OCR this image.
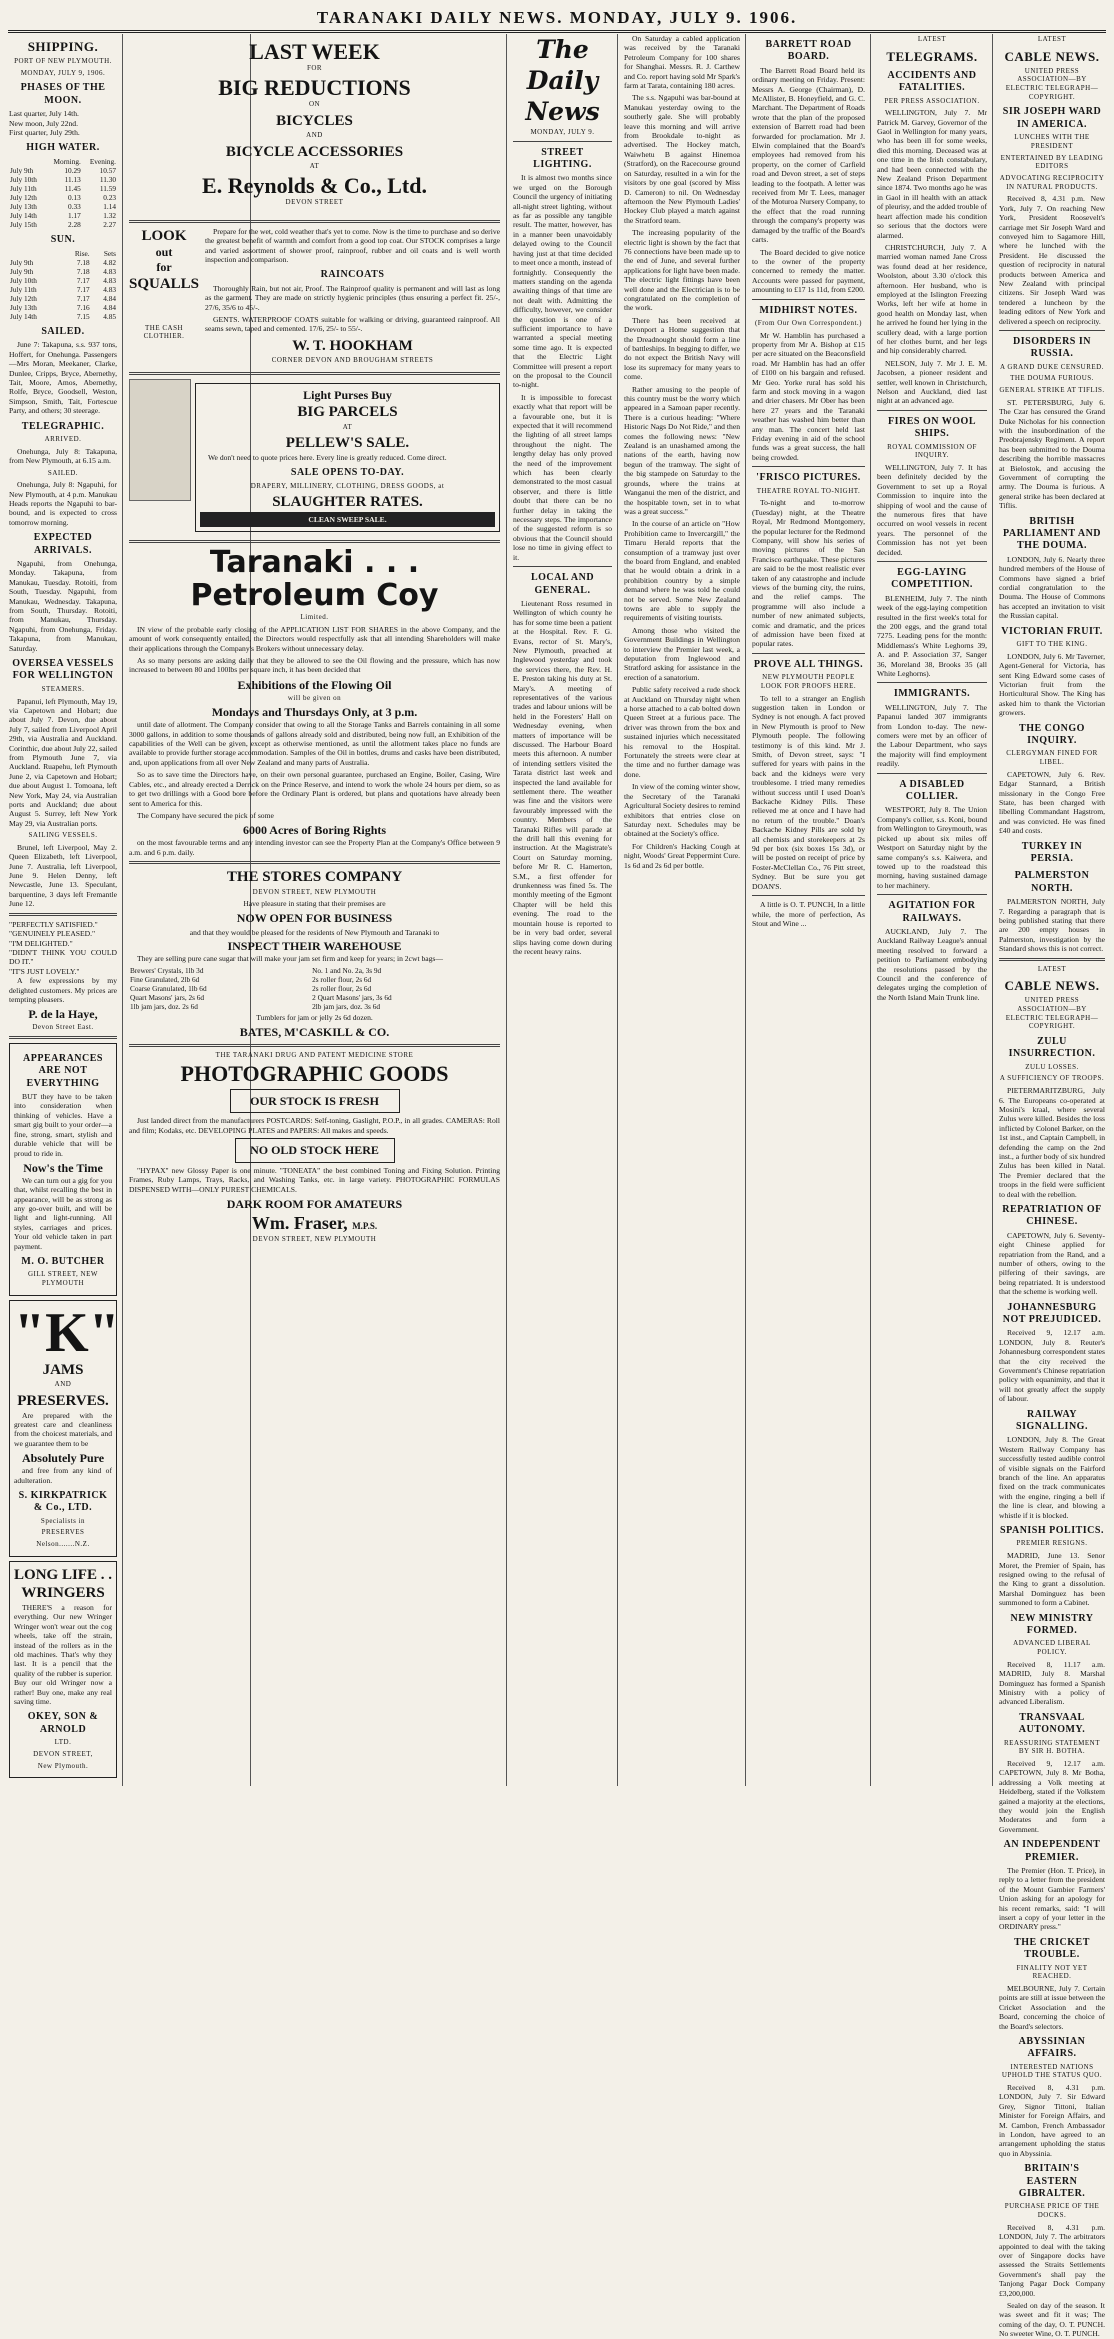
TARANAKI DAILY NEWS. MONDAY, JULY 9. 1906.
SHIPPING.
PORT OF NEW PLYMOUTH.
MONDAY, JULY 9, 1906.
PHASES OF THE MOON.
Last quarter, July 14th.
New moon, July 22nd.
First quarter, July 29th.
HIGH WATER.
	Morning.	Evening.
July 9th	10.29	10.57
July 10th	11.13	11.30
July 11th	11.45	11.59
July 12th	0.13	0.23
July 13th	0.33	1.14
July 14th	1.17	1.32
July 15th	2.28	2.27
SUN.
	Rise.	Sets
July 9th	7.18	4.82
July 9th	7.18	4.83
July 10th	7.17	4.83
July 11th	7.17	4.83
July 12th	7.17	4.84
July 13th	7.16	4.84
July 14th	7.15	4.85
SAILED.

June 7: Takapuna, s.s. 937 tons, Hoffert, for Onehunga. Passengers—Mrs Moran, Meekaner, Clarke, Dunlee, Cripps, Bryce, Abernethy, Tait, Moore, Amos, Abernethy, Rolfe, Bryce, Goodsell, Weston, Simpson, Smith, Tait, Fortescue Party, and others; 30 steerage.

TELEGRAPHIC.
ARRIVED.

Onehunga, July 8: Takapuna, from New Plymouth, at 6.15 a.m.

SAILED.

Onehunga, July 8: Ngapuhi, for New Plymouth, at 4 p.m. Manukau Heads reports the Ngapuhi to bar-bound, and is expected to cross tomorrow morning.

EXPECTED ARRIVALS.

Ngapuhi, from Onehunga, Monday. Takapuna, from Manukau, Tuesday. Rotoiti, from South, Tuesday. Ngapuhi, from Manukau, Wednesday. Takapuna, from South, Thursday. Rotoiti, from Manukau, Thursday. Ngapuhi, from Onehunga, Friday. Takapuna, from Manukau, Saturday.

OVERSEA VESSELS FOR WELLINGTON
STEAMERS.

Papanui, left Plymouth, May 19, via Capetown and Hobart; due about July 7. Devon, due about July 7, sailed from Liverpool April 29th, via Australia and Auckland. Corinthic, due about July 22, sailed from Plymouth June 7, via Auckland. Ruapehu, left Plymouth June 2, via Capetown and Hobart; due about August 1. Tomoana, left New York, May 24, via Australian ports and Auckland; due about August 5. Surrey, left New York May 29, via Australian ports.

SAILING VESSELS.

Brunel, left Liverpool, May 2. Queen Elizabeth, left Liverpool, June 7. Australia, left Liverpool, June 9. Helen Denny, left Newcastle, June 13. Speculant, barquentine, 3 days left Fremantle June 12.

"PERFECTLY SATISFIED."
"GENUINELY PLEASED."
"I'M DELIGHTED."
"DIDN'T THINK YOU COULD DO IT."
"IT'S JUST LOVELY."

A few expressions by my delighted customers. My prices are tempting pleasers.

P. de la Haye,
Devon Street East.
APPEARANCES ARE NOT EVERYTHING

BUT they have to be taken into consideration when thinking of vehicles. Have a smart gig built to your order—a fine, strong, smart, stylish and durable vehicle that will be proud to ride in.

Now's the Time

We can turn out a gig for you that, whilst recalling the best in appearance, will be as strong as any go-over built, and will be light and light-running. All styles, carriages and prices. Your old vehicle taken in part payment.

M. O. BUTCHER
GILL STREET, NEW PLYMOUTH
"K"
JAMS
AND
PRESERVES.

Are prepared with the greatest care and cleanliness from the choicest materials, and we guarantee them to be

Absolutely Pure

and free from any kind of adulteration.

S. KIRKPATRICK & Co., LTD.
Specialists in
PRESERVES
Nelson.......N.Z.
LONG LIFE . . WRINGERS

THERE'S a reason for everything. Our new Wringer Wringer won't wear out the cog wheels, take off the strain, instead of the rollers as in the old machines. That's why they last. It is a pencil that the quality of the rubber is superior. Buy our old Wringer now a rather! Buy one, make any real saving time.

OKEY, SON & ARNOLD
LTD.
DEVON STREET,
New Plymouth.
LAST WEEK
FOR
BIG REDUCTIONS
ON
BICYCLES
AND
BICYCLE ACCESSORIES
AT
E. Reynolds & Co., Ltd.
DEVON STREET
LOOK
out
for
SQUALLS
THE CASH CLOTHIER.

Prepare for the wet, cold weather that's yet to come. Now is the time to purchase and so derive the greatest benefit of warmth and comfort from a good top coat. Our STOCK comprises a large and varied assortment of shower proof, rainproof, rubber and oil coats and is well worth inspection and comparison.

RAINCOATS

Thoroughly Rain, but not air, Proof. The Rainproof quality is permanent and will last as long as the garment. They are made on strictly hygienic principles (thus ensuring a perfect fit. 25/-, 27/6, 35/6 to 45/-.

GENTS. WATERPROOF COATS suitable for walking or driving, guaranteed rainproof. All seams sewn, taped and cemented. 17/6, 25/- to 55/-.

W. T. HOOKHAM
CORNER DEVON AND BROUGHAM STREETS
Light Purses Buy
BIG PARCELS
AT
PELLEW'S SALE.

We don't need to quote prices here. Every line is greatly reduced. Come direct.

SALE OPENS TO-DAY.
DRAPERY, MILLINERY, CLOTHING, DRESS GOODS, at
SLAUGHTER RATES.
CLEAN SWEEP SALE.
Taranaki . . .
Petroleum Coy
Limited.

IN view of the probable early closing of the APPLICATION LIST FOR SHARES in the above Company, and the amount of work consequently entailed, the Directors would respectfully ask that all intending Shareholders will make their applications through the Company's Brokers without unnecessary delay.

As so many persons are asking daily that they be allowed to see the Oil flowing and the pressure, which has now increased to between 80 and 100lbs per square inch, it has been decided that

Exhibitions of the Flowing Oil
will be given on
Mondays and Thursdays Only, at 3 p.m.

until date of allotment. The Company consider that owing to all the Storage Tanks and Barrels containing in all some 3000 gallons, in addition to some thousands of gallons already sold and distributed, being now full, an Exhibition of the capabilities of the Well can be given, except as otherwise mentioned, as until the allotment takes place no funds are available to provide further storage accommodation. Samples of the Oil in bottles, drums and casks have been distributed, and, upon applications from all over New Zealand and many parts of Australia.

So as to save time the Directors have, on their own personal guarantee, purchased an Engine, Boiler, Casing, Wire Cables, etc., and already erected a Derrick on the Prince Reserve, and intend to work the whole 24 hours per diem, so as to get two drillings with a Good bore before the Ordinary Plant is ordered, but plans and quotations have already been sent to America for this.

The Company have secured the pick of some

6000 Acres of Boring Rights

on the most favourable terms and any intending investor can see the Property Plan at the Company's Office between 9 a.m. and 6 p.m. daily.

THE STORES COMPANY
DEVON STREET, NEW PLYMOUTH
Have pleasure in stating that their premises are
NOW OPEN FOR BUSINESS
and that they would be pleased for the residents of New Plymouth and Taranaki to
INSPECT THEIR WAREHOUSE

They are selling pure cane sugar that will make your jam set firm and keep for years; in 2cwt bags—

Brewers' Crystals, 1lb 3d	No. 1 and No. 2a, 3s 9d
Fine Granulated, 2lb 6d	2s roller flour, 2s 6d
Coarse Granulated, 1lb 6d	2s roller flour, 2s 6d
Quart Masons' jars, 2s 6d	2 Quart Masons' jars, 3s 6d
1lb jam jars, doz. 2s 6d	2lb jam jars, doz. 3s 6d
Tumblers for jam or jelly 2s 6d dozen.
BATES, M'CASKILL & CO.
THE TARANAKI DRUG AND PATENT MEDICINE STORE
PHOTOGRAPHIC GOODS
OUR STOCK IS FRESH

Just landed direct from the manufacturers POSTCARDS: Self-toning, Gaslight, P.O.P., in all grades. CAMERAS: Roll and film; Kodaks, etc. DEVELOPING PLATES and PAPERS: All makes and speeds.

NO OLD STOCK HERE

"HYPAX" new Glossy Paper is one minute. "TONEATA" the best combined Toning and Fixing Solution. Printing Frames, Ruby Lamps, Trays, Racks, and Washing Tanks, etc. in large variety. PHOTOGRAPHIC FORMULAS DISPENSED WITH—ONLY PUREST CHEMICALS.

DARK ROOM FOR AMATEURS
Wm. Fraser, M.P.S.
DEVON STREET, NEW PLYMOUTH
The Daily News
MONDAY, JULY 9.
STREET LIGHTING.

It is almost two months since we urged on the Borough Council the urgency of initiating all-night street lighting, without as far as possible any tangible result. The matter, however, has in a manner been unavoidably delayed owing to the Council having just at that time decided to meet once a month, instead of fortnightly. Consequently the matters standing on the agenda awaiting things of that time are not dealt with. Admitting the difficulty, however, we consider the question is one of a sufficient importance to have warranted a special meeting some time ago. It is expected that the Electric Light Committee will present a report on the proposal to the Council to-night.

It is impossible to forecast exactly what that report will be a favourable one, but it is expected that it will recommend the lighting of all street lamps throughout the night. The lengthy delay has only proved the need of the improvement which has been clearly demonstrated to the most casual observer, and there is little doubt that there can be no further delay in taking the necessary steps. The importance of the suggested reform is so obvious that the Council should lose no time in giving effect to it.

LOCAL AND GENERAL.

Lieutenant Ross resumed in Wellington of which county he has for some time been a patient at the Hospital. Rev. F. G. Evans, rector of St. Mary's, New Plymouth, preached at Inglewood yesterday and took the services there, the Rev. H. E. Preston taking his duty at St. Mary's. A meeting of representatives of the various trades and labour unions will be held in the Foresters' Hall on Wednesday evening, when matters of importance will be discussed. The Harbour Board meets this afternoon. A number of intending settlers visited the Tarata district last week and inspected the land available for settlement there. The weather was fine and the visitors were favourably impressed with the country. Members of the Taranaki Rifles will parade at the drill hall this evening for instruction. At the Magistrate's Court on Saturday morning, before Mr R. C. Hamerton, S.M., a first offender for drunkenness was fined 5s. The monthly meeting of the Egmont Chapter will be held this evening. The road to the mountain house is reported to be in very bad order, several slips having come down during the recent heavy rains.

On Saturday a cabled application was received by the Taranaki Petroleum Company for 100 shares for Shanghai. Messrs. R. J. Carthew and Co. report having sold Mr Spark's farm at Tarata, containing 180 acres.

The s.s. Ngapuhi was bar-bound at Manukau yesterday owing to the southerly gale. She will probably leave this morning and will arrive from Brookdale to-night as advertised. The Hockey match, Waiwhetu B against Hinemoa (Stratford), on the Racecourse ground on Saturday, resulted in a win for the visitors by one goal (scored by Miss D. Cameron) to nil. On Wednesday afternoon the New Plymouth Ladies' Hockey Club played a match against the Stratford team.

The increasing popularity of the electric light is shown by the fact that 76 connections have been made up to the end of June, and several further applications for light have been made. The electric light fittings have been well done and the Electrician is to be congratulated on the completion of the work.

There has been received at Devonport a Home suggestion that the Dreadnought should form a line of battleships. In begging to differ, we do not expect the British Navy will lose its supremacy for many years to come.

Rather amusing to the people of this country must be the worry which appeared in a Samoan paper recently. There is a curious heading: "Where Historic Nags Do Not Ride," and then comes the following news: "New Zealand is an unashamed among the nations of the earth, having now begun of the tramway. The sight of the big stampede on Saturday to the grounds, where the trains at Wanganui the men of the district, and the hospitable town, set in to what was a great success."

In the course of an article on "How Prohibition came to Invercargill," the Timaru Herald reports that the consumption of a tramway just over the board from England, and enabled that he would obtain a drink in a prohibition country by a simple demand where he was told he could not be served. Some New Zealand towns are able to supply the requirements of visiting tourists.

Among those who visited the Government Buildings in Wellington to interview the Premier last week, a deputation from Inglewood and Stratford asking for assistance in the erection of a sanatorium.

Public safety received a rude shock at Auckland on Thursday night when a horse attached to a cab bolted down Queen Street at a furious pace. The driver was thrown from the box and sustained injuries which necessitated his removal to the Hospital. Fortunately the streets were clear at the time and no further damage was done.

In view of the coming winter show, the Secretary of the Taranaki Agricultural Society desires to remind exhibitors that entries close on Saturday next. Schedules may be obtained at the Society's office.

For Children's Hacking Cough at night, Woods' Great Peppermint Cure. 1s 6d and 2s 6d per bottle.

BARRETT ROAD BOARD.

The Barrett Road Board held its ordinary meeting on Friday. Present: Messrs A. George (Chairman), D. McAllister, B. Honeyfield, and G. C. Marchant. The Department of Roads wrote that the plan of the proposed extension of Barrett road had been forwarded for proclamation. Mr J. Elwin complained that the Board's employees had removed from his property, on the corner of Carfield road and Devon street, a set of steps leading to the footpath. A letter was received from Mr T. Lees, manager of the Moturoa Nursery Company, to the effect that the road running through the company's property was damaged by the traffic of the Board's carts.

The Board decided to give notice to the owner of the property concerned to remedy the matter. Accounts were passed for payment, amounting to £17 1s 11d, from £200.

MIDHIRST NOTES.
(From Our Own Correspondent.)

Mr W. Hamblin has purchased a property from Mr A. Bishop at £15 per acre situated on the Beaconsfield road. Mr Hamblin has had an offer of £100 on his bargain and refused. Mr Geo. Yorke rural has sold his farm and stock moving in a wagon and drier chasers. Mr Ober has been here 27 years and the Taranaki weather has washed him better than any man. The concert held last Friday evening in aid of the school funds was a great success, the hall being crowded.

'FRISCO PICTURES.
THEATRE ROYAL TO-NIGHT.

To-night and to-morrow (Tuesday) night, at the Theatre Royal, Mr Redmond Montgomery, the popular lecturer for the Redmond Company, will show his series of moving pictures of the San Francisco earthquake. These pictures are said to be the most realistic ever taken of any catastrophe and include views of the burning city, the ruins, and the relief camps. The programme will also include a number of new animated subjects, comic and dramatic, and the prices of admission have been fixed at popular rates.

PROVE ALL THINGS.
NEW PLYMOUTH PEOPLE LOOK FOR PROOFS HERE.

To tell to a stranger an English suggestion taken in London or Sydney is not enough. A fact proved in New Plymouth is proof to New Plymouth people. The following testimony is of this kind. Mr J. Smith, of Devon street, says: "I suffered for years with pains in the back and the kidneys were very troublesome. I tried many remedies without success until I used Doan's Backache Kidney Pills. These relieved me at once and I have had no return of the trouble." Doan's Backache Kidney Pills are sold by all chemists and storekeepers at 2s 9d per box (six boxes 15s 3d), or will be posted on receipt of price by Foster-McClellan Co., 76 Pitt street, Sydney. But be sure you get DOAN'S.

A little is O. T. PUNCH, In a little while, the more of perfection, As Stout and Wine ...

LATEST
TELEGRAMS.
ACCIDENTS AND FATALITIES.
PER PRESS ASSOCIATION.

WELLINGTON, July 7. Mr Patrick M. Garvey, Governor of the Gaol in Wellington for many years, who has been ill for some weeks, died this morning. Deceased was at one time in the Irish constabulary, and had been connected with the New Zealand Prison Department since 1874. Two months ago he was in Gaol in ill health with an attack of pleurisy, and the added trouble of heart affection made his condition so serious that the doctors were alarmed.

CHRISTCHURCH, July 7. A married woman named Jane Cross was found dead at her residence, Woolston, about 3.30 o'clock this afternoon. Her husband, who is employed at the Islington Freezing Works, left her wife at home in good health on Monday last, when he arrived he found her lying in the scullery dead, with a large portion of her clothes burnt, and her legs and hip considerably charred.

NELSON, July 7. Mr J. E. M. Jacobsen, a pioneer resident and settler, well known in Christchurch, Nelson and Auckland, died last night at an advanced age.

FIRES ON WOOL SHIPS.
ROYAL COMMISSION OF INQUIRY.

WELLINGTON, July 7. It has been definitely decided by the Government to set up a Royal Commission to inquire into the shipping of wool and the cause of the numerous fires that have occurred on wool vessels in recent years. The personnel of the Commission has not yet been decided.

EGG-LAYING COMPETITION.

BLENHEIM, July 7. The ninth week of the egg-laying competition resulted in the first week's total for the 200 eggs, and the grand total 7275. Leading pens for the month: Middlemass's White Leghorns 39, A. and P. Association 37, Sanger 36, Moreland 38, Brooks 35 (all White Leghorns).

IMMIGRANTS.

WELLINGTON, July 7. The Papanui landed 307 immigrants from London to-day. The new-comers were met by an officer of the Labour Department, who says the majority will find employment readily.

A DISABLED COLLIER.

WESTPORT, July 8. The Union Company's collier, s.s. Koni, bound from Wellington to Greymouth, was picked up about six miles off Westport on Saturday night by the same company's s.s. Kaiwera, and towed up to the roadstead this morning, having sustained damage to her machinery.

AGITATION FOR RAILWAYS.

AUCKLAND, July 7. The Auckland Railway League's annual meeting resolved to forward a petition to Parliament embodying the resolutions passed by the Council and the conference of delegates urging the completion of the North Island Main Trunk line.

LATEST
CABLE NEWS.
UNITED PRESS ASSOCIATION—BY ELECTRIC TELEGRAPH—COPYRIGHT.
SIR JOSEPH WARD IN AMERICA.
LUNCHES WITH THE PRESIDENT
ENTERTAINED BY LEADING EDITORS
ADVOCATING RECIPROCITY IN NATURAL PRODUCTS.

Received 8, 4.31 p.m. New York, July 7. On reaching New York, President Roosevelt's carriage met Sir Joseph Ward and conveyed him to Sagamore Hill, where he lunched with the President. He discussed the question of reciprocity in natural products between America and New Zealand with principal citizens. Sir Joseph Ward was tendered a luncheon by the leading editors of New York and delivered a speech on reciprocity.

DISORDERS IN RUSSIA.
A GRAND DUKE CENSURED.
THE DOUMA FURIOUS.
GENERAL STRIKE AT TIFLIS.

ST. PETERSBURG, July 6. The Czar has censured the Grand Duke Nicholas for his connection with the insubordination of the Preobrajensky Regiment. A report has been submitted to the Douma describing the horrible massacres at Bielostok, and accusing the Government of corrupting the army. The Douma is furious. A general strike has been declared at Tiflis.

BRITISH PARLIAMENT AND THE DOUMA.

LONDON, July 6. Nearly three hundred members of the House of Commons have signed a brief cordial congratulation to the Douma. The House of Commons has accepted an invitation to visit the Russian capital.

VICTORIAN FRUIT.
GIFT TO THE KING.

LONDON, July 6. Mr Taverner, Agent-General for Victoria, has sent King Edward some cases of Victorian fruit from the Horticultural Show. The King has asked him to thank the Victorian growers.

THE CONGO INQUIRY.
CLERGYMAN FINED FOR LIBEL.

CAPETOWN, July 6. Rev. Edgar Stannard, a British missionary in the Congo Free State, has been charged with libelling Commandant Hagstrom, and was convicted. He was fined £40 and costs.

TURKEY IN PERSIA.
PALMERSTON NORTH.

PALMERSTON NORTH, July 7. Regarding a paragraph that is being published stating that there are 200 empty houses in Palmerston, investigation by the Standard shows this is not correct.

LATEST
CABLE NEWS.
UNITED PRESS ASSOCIATION—BY ELECTRIC TELEGRAPH—COPYRIGHT.
ZULU INSURRECTION.
ZULU LOSSES.
A SUFFICIENCY OF TROOPS.

PIETERMARITZBURG, July 6. The Europeans co-operated at Mosini's kraal, where several Zulus were killed. Besides the loss inflicted by Colonel Barker, on the 1st inst., and Captain Campbell, in defending the camp on the 2nd inst., a further body of six hundred Zulus has been killed in Natal. The Premier declared that the troops in the field were sufficient to deal with the rebellion.

REPATRIATION OF CHINESE.

CAPETOWN, July 6. Seventy-eight Chinese applied for repatriation from the Rand, and a number of others, owing to the pilfering of their savings, are being repatriated. It is understood that the scheme is working well.

JOHANNESBURG NOT PREJUDICED.

Received 9, 12.17 a.m. LONDON, July 8. Reuter's Johannesburg correspondent states that the city received the Government's Chinese repatriation policy with equanimity, and that it will not greatly affect the supply of labour.

RAILWAY SIGNALLING.

LONDON, July 8. The Great Western Railway Company has successfully tested audible control of visible signals on the Fairford branch of the line. An apparatus fixed on the track communicates with the engine, ringing a bell if the line is clear, and blowing a whistle if it is blocked.

SPANISH POLITICS.
PREMIER RESIGNS.

MADRID, June 13. Senor Moret, the Premier of Spain, has resigned owing to the refusal of the King to grant a dissolution. Marshal Dominguez has been summoned to form a Cabinet.

NEW MINISTRY FORMED.
ADVANCED LIBERAL POLICY.

Received 8, 11.17 a.m. MADRID, July 8. Marshal Dominguez has formed a Spanish Ministry with a policy of advanced Liberalism.

TRANSVAAL AUTONOMY.
REASSURING STATEMENT BY SIR H. BOTHA.

Received 9, 12.17 a.m. CAPETOWN, July 8. Mr Botha, addressing a Volk meeting at Heidelberg, stated if the Volkstem gained a majority at the elections, they would join the English Moderates and form a Government.

AN INDEPENDENT PREMIER.

The Premier (Hon. T. Price), in reply to a letter from the president of the Mount Gambier Farmers' Union asking for an apology for his recent remarks, said: "I will insert a copy of your letter in the ORDINARY press."

THE CRICKET TROUBLE.
FINALITY NOT YET REACHED.

MELBOURNE, July 7. Certain points are still at issue between the Cricket Association and the Board, concerning the choice of the Board's selectors.

ABYSSINIAN AFFAIRS.
INTERESTED NATIONS UPHOLD THE STATUS QUO.

Received 8, 4.31 p.m. LONDON, July 7. Sir Edward Grey, Signor Tittoni, Italian Minister for Foreign Affairs, and M. Cambon, French Ambassador in London, have agreed to an arrangement upholding the status quo in Abyssinia.

BRITAIN'S EASTERN GIBRALTER.
PURCHASE PRICE OF THE DOCKS.

Received 8, 4.31 p.m. LONDON, July 7. The arbitrators appointed to deal with the taking over of Singapore docks have assessed the Straits Settlements Government's shall pay the Tanjong Pagar Dock Company £3,200,000.

Sealed on day of the season. It was sweet and fit it was; The coming of the day, O. T. PUNCH. No sweeter Wine, O. T. PUNCH.
